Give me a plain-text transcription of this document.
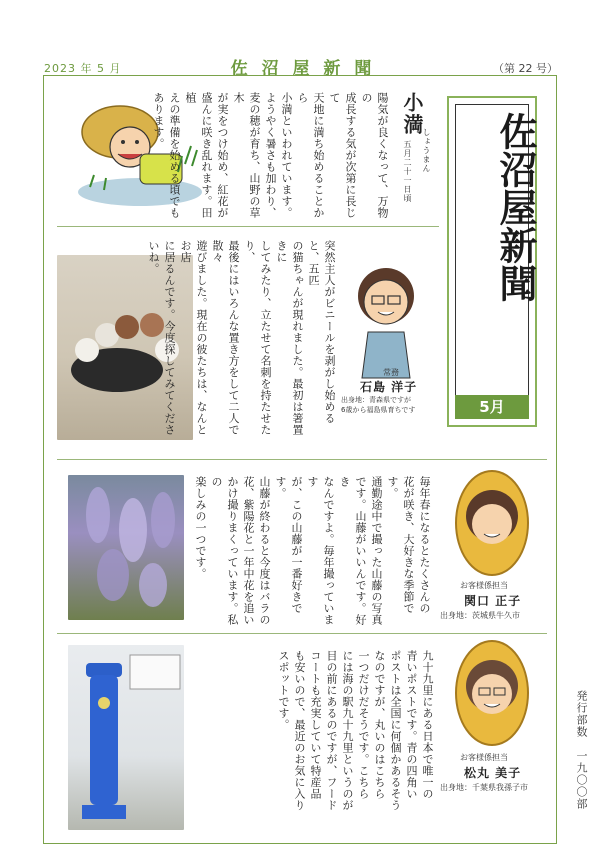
2023 年 5 月	佐 沼 屋 新 聞	（第 22 号）
小満
しょうまん
五月二十一日頃
陽気が良くなって、万物の
成長する気が次第に長じて
天地に満ち始めることから
小満といわれています。
ようやく暑さも加わり、
麦の穂が育ち、山野の草木
が実をつけ始め、紅花が
盛んに咲き乱れます。田植
えの準備を始める頃でも
あります。	佐沼屋新聞
5月
常務
石島 洋子
出身地：青森県ですが
6歳から福島県育ちです
突然主人がビニールを剥がし始めると、五匹
の猫ちゃんが現れました。最初は箸置きに
してみたり、立たせて名刺を持たせたり、
最後にはいろんな置き方をして二人で散々
遊びました。現在の彼たちは、なんとお店
に居るんです。今度探してみてくださいね。
毎年春になるとたくさんの
花が咲き、大好きな季節です。
通勤途中で撮った山藤の写真
です。山藤がいいんです。好き
なんですよ。毎年撮っています
が、この山藤が一番好きです。
山藤が終わると今度はバラの
花、紫陽花と一年中花を追い
かけ撮りまくっています。私の
楽しみの一つです。
お客様係担当
関口 正子
出身地：茨城県牛久市
九十九里にある日本で唯一の
青いポストです。青の四角い
ポストは全国に何個かあるそう
なのですが、丸いのはこちら
一つだけだそうです。こちら
には海の駅九十九里というのが
目の前にあるのですが、フード
コートも充実していて特産品
も安いので、最近のお気に入り
スポットです。
お客様係担当
松丸 美子
出身地：千葉県我孫子市	発行部数　一九〇〇部
